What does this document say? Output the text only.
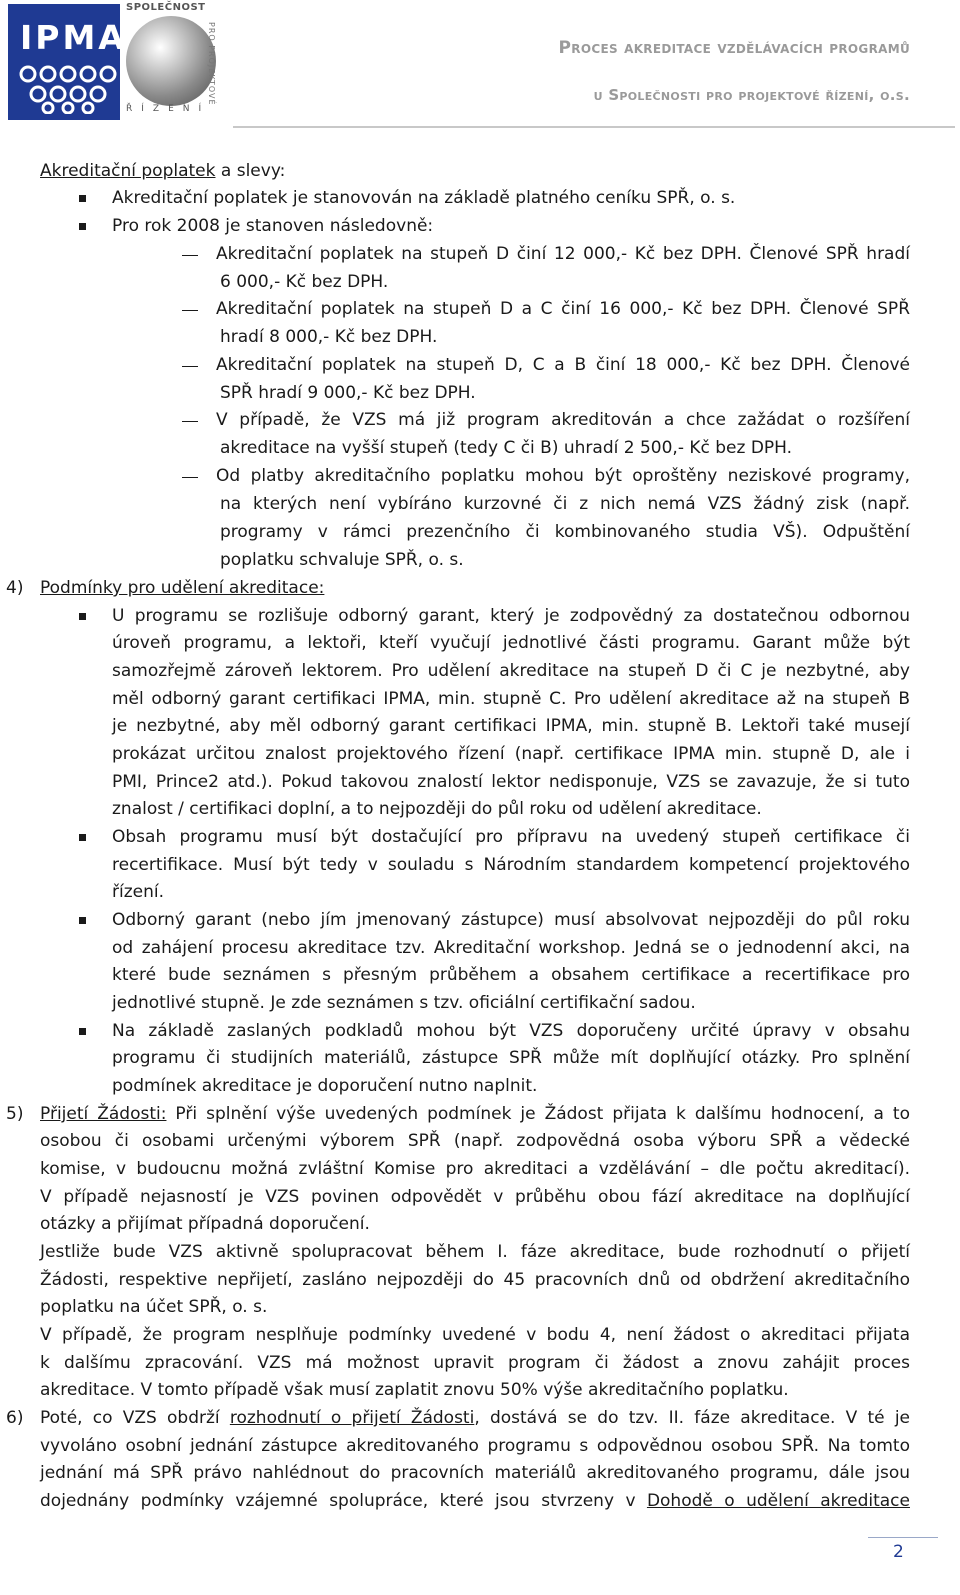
IPMA
SPOLEČNOST
PRO PROJEKTOVÉ
ŘÍZENÍ
Proces akreditace vzdělávacích programů
u Společnosti pro projektové řízení, o.s.
Akreditační poplatek a slevy:
Akreditační poplatek je stanovován na základě platného ceníku SPŘ, o. s.
Pro rok 2008 je stanoven následovně:
Akreditační poplatek na stupeň D činí 12 000,- Kč bez DPH. Členové SPŘ hradí
6 000,- Kč bez DPH.
Akreditační poplatek na stupeň D a C činí 16 000,- Kč bez DPH. Členové SPŘ
hradí 8 000,- Kč bez DPH.
Akreditační poplatek na stupeň D, C a B činí 18 000,- Kč bez DPH. Členové
SPŘ hradí 9 000,- Kč bez DPH.
V případě, že VZS má již program akreditován a chce zažádat o rozšíření
akreditace na vyšší stupeň (tedy C či B) uhradí 2 500,- Kč bez DPH.
Od platby akreditačního poplatku mohou být oproštěny neziskové programy,
na kterých není vybíráno kurzovné či z nich nemá VZS žádný zisk (např.
programy v rámci prezenčního či kombinovaného studia VŠ). Odpuštění
poplatku schvaluje SPŘ, o. s.
4) Podmínky pro udělení akreditace:
U programu se rozlišuje odborný garant, který je zodpovědný za dostatečnou odbornou
úroveň programu, a lektoři, kteří vyučují jednotlivé části programu. Garant může být
samozřejmě zároveň lektorem. Pro udělení akreditace na stupeň D či C je nezbytné, aby
měl odborný garant certifikaci IPMA, min. stupně C. Pro udělení akreditace až na stupeň B
je nezbytné, aby měl odborný garant certifikaci IPMA, min. stupně B. Lektoři také musejí
prokázat určitou znalost projektového řízení (např. certifikace IPMA min. stupně D, ale i
PMI, Prince2 atd.). Pokud takovou znalostí lektor nedisponuje, VZS se zavazuje, že si tuto
znalost / certifikaci doplní, a to nejpozději do půl roku od udělení akreditace.
Obsah programu musí být dostačující pro přípravu na uvedený stupeň certifikace či
recertifikace. Musí být tedy v souladu s Národním standardem kompetencí projektového
řízení.
Odborný garant (nebo jím jmenovaný zástupce) musí absolvovat nejpozději do půl roku
od zahájení procesu akreditace tzv. Akreditační workshop. Jedná se o jednodenní akci, na
které bude seznámen s přesným průběhem a obsahem certifikace a recertifikace pro
jednotlivé stupně. Je zde seznámen s tzv. oficiální certifikační sadou.
Na základě zaslaných podkladů mohou být VZS doporučeny určité úpravy v obsahu
programu či studijních materiálů, zástupce SPŘ může mít doplňující otázky. Pro splnění
podmínek akreditace je doporučení nutno naplnit.
5) Přijetí Žádosti: Při splnění výše uvedených podmínek je Žádost přijata k dalšímu hodnocení, a to
osobou či osobami určenými výborem SPŘ (např. zodpovědná osoba výboru SPŘ a vědecké
komise, v budoucnu možná zvláštní Komise pro akreditaci a vzdělávání – dle počtu akreditací).
V případě nejasností je VZS povinen odpovědět v průběhu obou fází akreditace na doplňující
otázky a přijímat případná doporučení.
Jestliže bude VZS aktivně spolupracovat během I. fáze akreditace, bude rozhodnutí o přijetí
Žádosti, respektive nepřijetí, zasláno nejpozději do 45 pracovních dnů od obdržení akreditačního
poplatku na účet SPŘ, o. s.
V případě, že program nesplňuje podmínky uvedené v bodu 4, není žádost o akreditaci přijata
k dalšímu zpracování. VZS má možnost upravit program či žádost a znovu zahájit proces
akreditace. V tomto případě však musí zaplatit znovu 50% výše akreditačního poplatku.
6) Poté, co VZS obdrží rozhodnutí o přijetí Žádosti, dostává se do tzv. II. fáze akreditace. V té je
vyvoláno osobní jednání zástupce akreditovaného programu s odpovědnou osobou SPŘ. Na tomto
jednání má SPŘ právo nahlédnout do pracovních materiálů akreditovaného programu, dále jsou
dojednány podmínky vzájemné spolupráce, které jsou stvrzeny v Dohodě o udělení akreditace
2
